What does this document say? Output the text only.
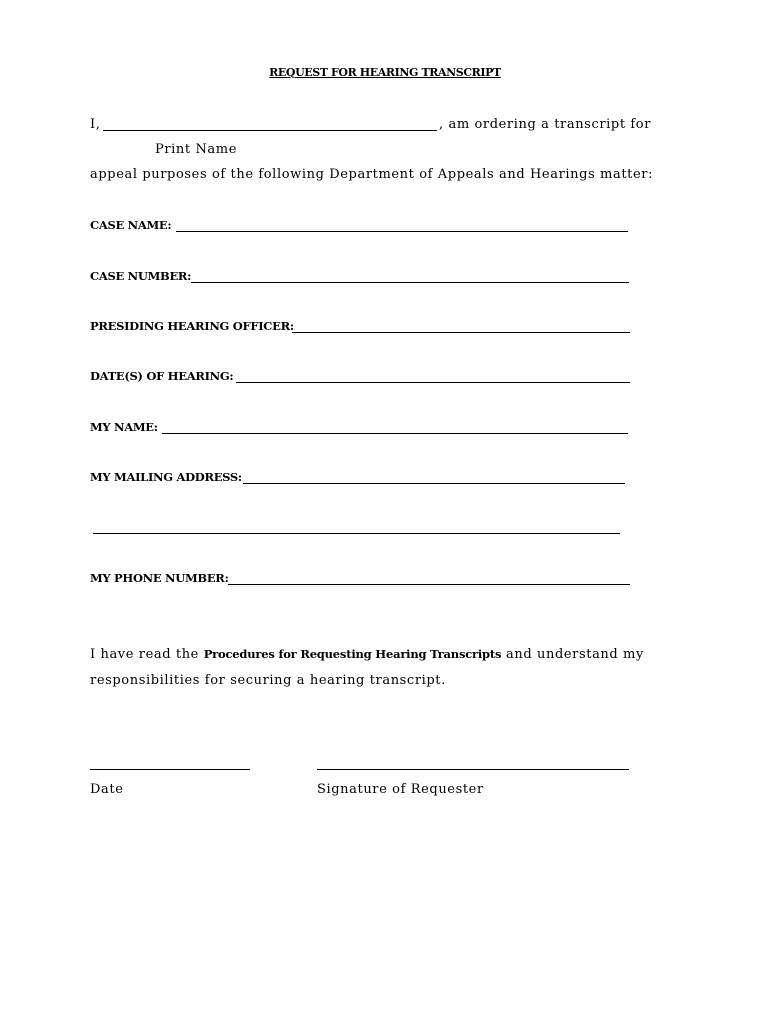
REQUEST FOR HEARING TRANSCRIPT
I,	, am ordering a transcript for
Print Name
appeal purposes of the following Department of Appeals and Hearings matter:
CASE NAME:
CASE NUMBER:
PRESIDING HEARING OFFICER:
DATE(S) OF HEARING:
MY NAME:
MY MAILING ADDRESS:
MY PHONE NUMBER:
I have read the Procedures for Requesting Hearing Transcripts and understand my
responsibilities for securing a hearing transcript.
Date	Signature of Requester
